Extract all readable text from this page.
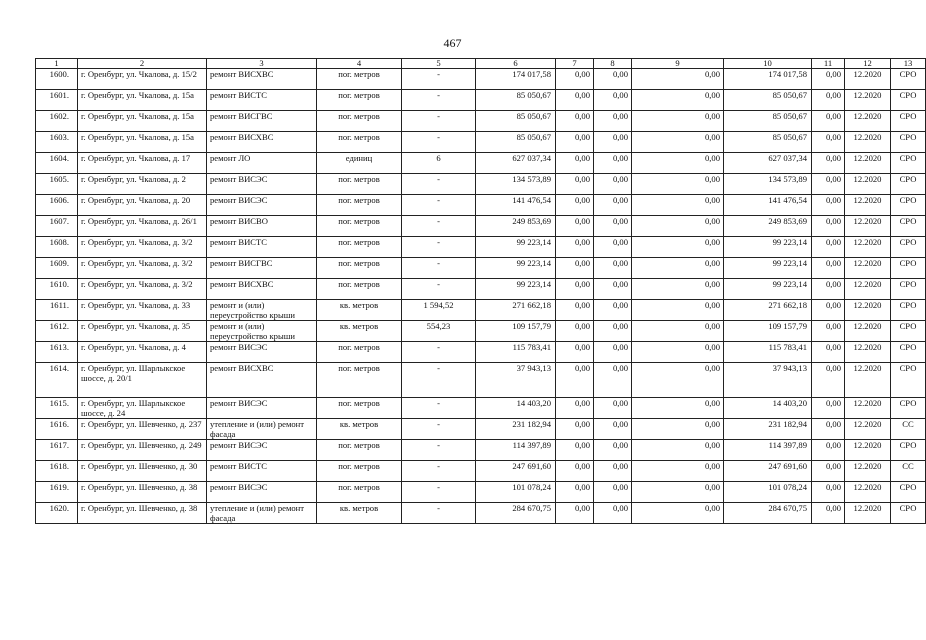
467
1	2	3	4	5	6	7	8	9	10	11	12	13
1600.	г. Оренбург, ул. Чкалова, д. 15/2	ремонт ВИСХВС	пог. метров	-	174 017,58	0,00	0,00	0,00	174 017,58	0,00	12.2020	СРО
1601.	г. Оренбург, ул. Чкалова, д. 15а	ремонт ВИСТС	пог. метров	-	85 050,67	0,00	0,00	0,00	85 050,67	0,00	12.2020	СРО
1602.	г. Оренбург, ул. Чкалова, д. 15а	ремонт ВИСГВС	пог. метров	-	85 050,67	0,00	0,00	0,00	85 050,67	0,00	12.2020	СРО
1603.	г. Оренбург, ул. Чкалова, д. 15а	ремонт ВИСХВС	пог. метров	-	85 050,67	0,00	0,00	0,00	85 050,67	0,00	12.2020	СРО
1604.	г. Оренбург, ул. Чкалова, д. 17	ремонт ЛО	единиц	6	627 037,34	0,00	0,00	0,00	627 037,34	0,00	12.2020	СРО
1605.	г. Оренбург, ул. Чкалова, д. 2	ремонт ВИСЭС	пог. метров	-	134 573,89	0,00	0,00	0,00	134 573,89	0,00	12.2020	СРО
1606.	г. Оренбург, ул. Чкалова, д. 20	ремонт ВИСЭС	пог. метров	-	141 476,54	0,00	0,00	0,00	141 476,54	0,00	12.2020	СРО
1607.	г. Оренбург, ул. Чкалова, д. 26/1	ремонт ВИСВО	пог. метров	-	249 853,69	0,00	0,00	0,00	249 853,69	0,00	12.2020	СРО
1608.	г. Оренбург, ул. Чкалова, д. 3/2	ремонт ВИСТС	пог. метров	-	99 223,14	0,00	0,00	0,00	99 223,14	0,00	12.2020	СРО
1609.	г. Оренбург, ул. Чкалова, д. 3/2	ремонт ВИСГВС	пог. метров	-	99 223,14	0,00	0,00	0,00	99 223,14	0,00	12.2020	СРО
1610.	г. Оренбург, ул. Чкалова, д. 3/2	ремонт ВИСХВС	пог. метров	-	99 223,14	0,00	0,00	0,00	99 223,14	0,00	12.2020	СРО
1611.	г. Оренбург, ул. Чкалова, д. 33	ремонт и (или) переустройство крыши	кв. метров	1 594,52	271 662,18	0,00	0,00	0,00	271 662,18	0,00	12.2020	СРО
1612.	г. Оренбург, ул. Чкалова, д. 35	ремонт и (или) переустройство крыши	кв. метров	554,23	109 157,79	0,00	0,00	0,00	109 157,79	0,00	12.2020	СРО
1613.	г. Оренбург, ул. Чкалова, д. 4	ремонт ВИСЭС	пог. метров	-	115 783,41	0,00	0,00	0,00	115 783,41	0,00	12.2020	СРО
1614.	г. Оренбург, ул. Шарлыкское шоссе, д. 20/1	ремонт ВИСХВС	пог. метров	-	37 943,13	0,00	0,00	0,00	37 943,13	0,00	12.2020	СРО
1615.	г. Оренбург, ул. Шарлыкское шоссе, д. 24	ремонт ВИСЭС	пог. метров	-	14 403,20	0,00	0,00	0,00	14 403,20	0,00	12.2020	СРО
1616.	г. Оренбург, ул. Шевченко, д. 237	утепление и (или) ремонт фасада	кв. метров	-	231 182,94	0,00	0,00	0,00	231 182,94	0,00	12.2020	СС
1617.	г. Оренбург, ул. Шевченко, д. 249	ремонт ВИСЭС	пог. метров	-	114 397,89	0,00	0,00	0,00	114 397,89	0,00	12.2020	СРО
1618.	г. Оренбург, ул. Шевченко, д. 30	ремонт ВИСТС	пог. метров	-	247 691,60	0,00	0,00	0,00	247 691,60	0,00	12.2020	СС
1619.	г. Оренбург, ул. Шевченко, д. 38	ремонт ВИСЭС	пог. метров	-	101 078,24	0,00	0,00	0,00	101 078,24	0,00	12.2020	СРО
1620.	г. Оренбург, ул. Шевченко, д. 38	утепление и (или) ремонт фасада	кв. метров	-	284 670,75	0,00	0,00	0,00	284 670,75	0,00	12.2020	СРО
